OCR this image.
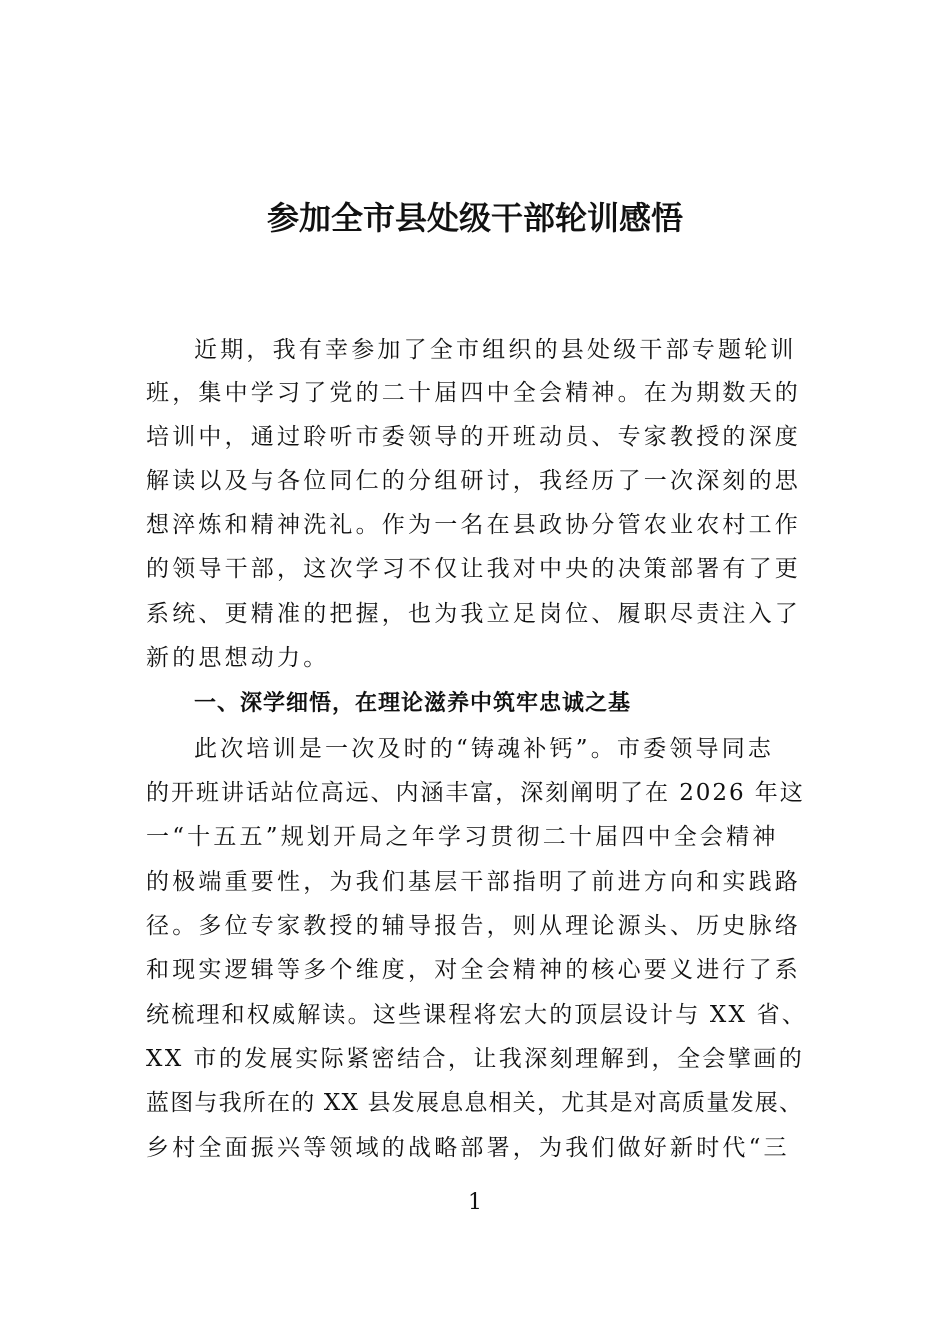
参加全市县处级干部轮训感悟
近期，我有幸参加了全市组织的县处级干部专题轮训
班，集中学习了党的二十届四中全会精神。在为期数天的
培训中，通过聆听市委领导的开班动员、专家教授的深度
解读以及与各位同仁的分组研讨，我经历了一次深刻的思
想淬炼和精神洗礼。作为一名在县政协分管农业农村工作
的领导干部，这次学习不仅让我对中央的决策部署有了更
系统、更精准的把握，也为我立足岗位、履职尽责注入了
新的思想动力。
一、深学细悟，在理论滋养中筑牢忠诚之基
此次培训是一次及时的“铸魂补钙”。市委领导同志
的开班讲话站位高远、内涵丰富，深刻阐明了在 2026 年这
一“十五五”规划开局之年学习贯彻二十届四中全会精神
的极端重要性，为我们基层干部指明了前进方向和实践路
径。多位专家教授的辅导报告，则从理论源头、历史脉络
和现实逻辑等多个维度，对全会精神的核心要义进行了系
统梳理和权威解读。这些课程将宏大的顶层设计与 XX 省、
XX 市的发展实际紧密结合，让我深刻理解到，全会擘画的
蓝图与我所在的 XX 县发展息息相关，尤其是对高质量发展、
乡村全面振兴等领域的战略部署，为我们做好新时代“三
1
